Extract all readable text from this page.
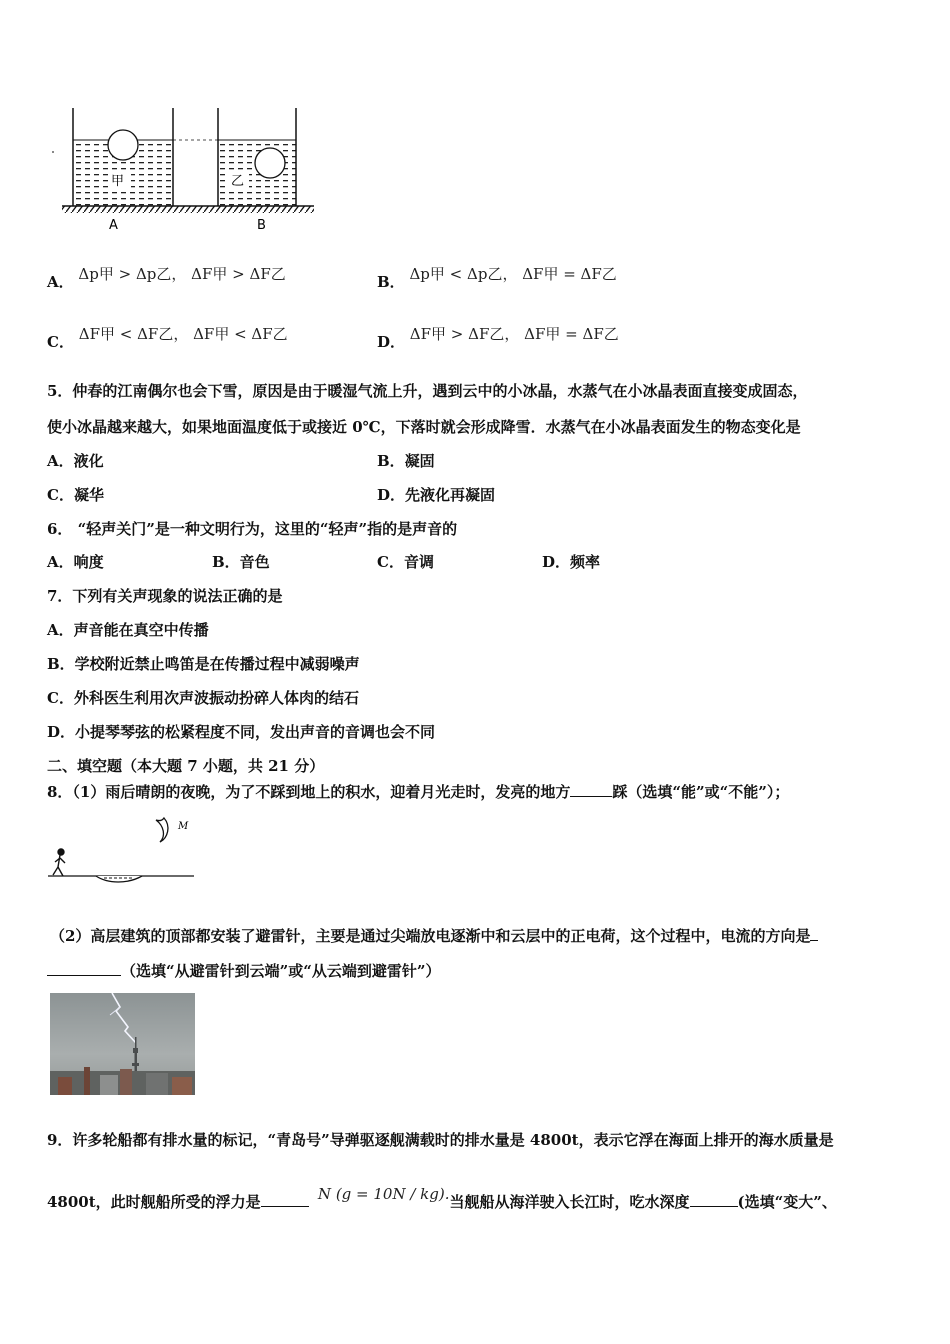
甲	乙
A	B
A． Δp甲 > Δp乙， ΔF甲 > ΔF乙	B． Δp甲 < Δp乙， ΔF甲 = ΔF乙
C． ΔF甲 < ΔF乙， ΔF甲 < ΔF乙	D． ΔF甲 > ΔF乙， ΔF甲 = ΔF乙
5．仲春的江南偶尔也会下雪，原因是由于暖湿气流上升，遇到云中的小冰晶，水蒸气在小冰晶表面直接变成固态，
使小冰晶越来越大，如果地面温度低于或接近 0℃，下落时就会形成降雪．水蒸气在小冰晶表面发生的物态变化是
A．液化	B．凝固
C．凝华	D．先液化再凝固
6． “轻声关门”是一种文明行为，这里的“轻声”指的是声音的
A．响度	B．音色	C．音调	D．频率
7．下列有关声现象的说法正确的是
A．声音能在真空中传播
B．学校附近禁止鸣笛是在传播过程中减弱噪声
C．外科医生利用次声波振动扮碎人体肉的结石
D．小提琴琴弦的松紧程度不同，发出声音的音调也会不同
二、填空题（本大题 7 小题，共 21 分）
8．（1）雨后晴朗的夜晚，为了不踩到地上的积水，迎着月光走时，发亮的地方	踩（选填“能”或“不能”）；
M
（2）高层建筑的顶部都安装了避雷针，主要是通过尖端放电逐渐中和云层中的正电荷，这个过程中，电流的方向是
（选填“从避雷针到云端”或“从云端到避雷针”）
9．许多轮船都有排水量的标记，“青岛号”导弹驱逐舰满载时的排水量是 4800t，表示它浮在海面上排开的海水质量是
4800t，此时舰船所受的浮力是	N (g = 10N / kg).当舰船从海洋驶入长江时，吃水深度	(选填“变大”、
